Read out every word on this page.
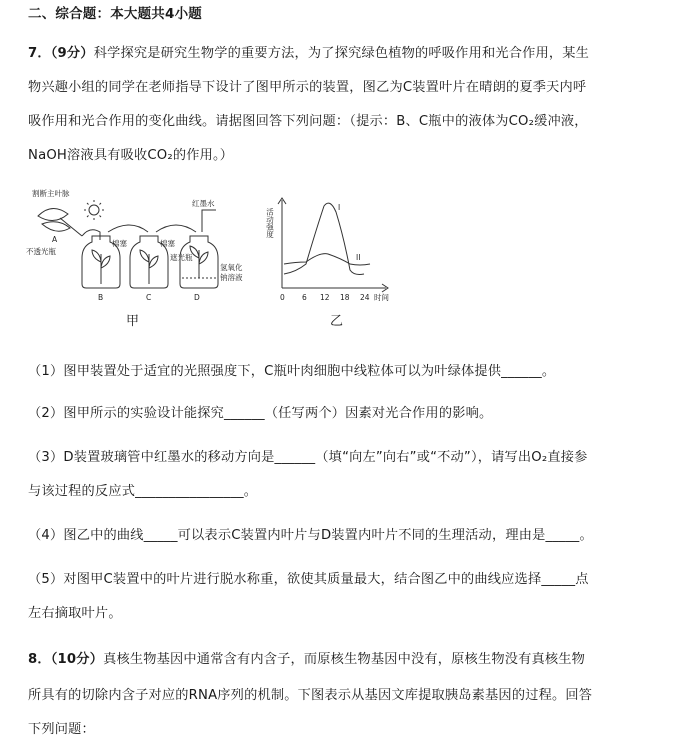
二、综合题：本大题共4小题
7．（9分）科学探究是研究生物学的重要方法，为了探究绿色植物的呼吸作用和光合作用，某生
物兴趣小组的同学在老师指导下设计了图甲所示的装置，图乙为C装置叶片在晴朗的夏季天内呼
吸作用和光合作用的变化曲线。请据图回答下列问题：（提示：B、C瓶中的液体为CO₂缓冲液，
NaOH溶液具有吸收CO₂的作用。）
割断主叶脉
A
不透光瓶
棉塞	棉塞
红墨水
遮光瓶
氢氧化
钠溶液
B	C	D
活动强度
I
II
0 6 12 18 24 时间
甲	乙
（1）图甲装置处于适宜的光照强度下，C瓶叶肉细胞中线粒体可以为叶绿体提供______。
（2）图甲所示的实验设计能探究______（任写两个）因素对光合作用的影响。
（3）D装置玻璃管中红墨水的移动方向是______（填“向左”向右”或“不动”），请写出O₂直接参
与该过程的反应式________________。
（4）图乙中的曲线_____可以表示C装置内叶片与D装置内叶片不同的生理活动，理由是_____。
（5）对图甲C装置中的叶片进行脱水称重，欲使其质量最大，结合图乙中的曲线应选择_____点
左右摘取叶片。
8．（10分）真核生物基因中通常含有内含子，而原核生物基因中没有，原核生物没有真核生物
所具有的切除内含子对应的RNA序列的机制。下图表示从基因文库提取胰岛素基因的过程。回答
下列问题：
